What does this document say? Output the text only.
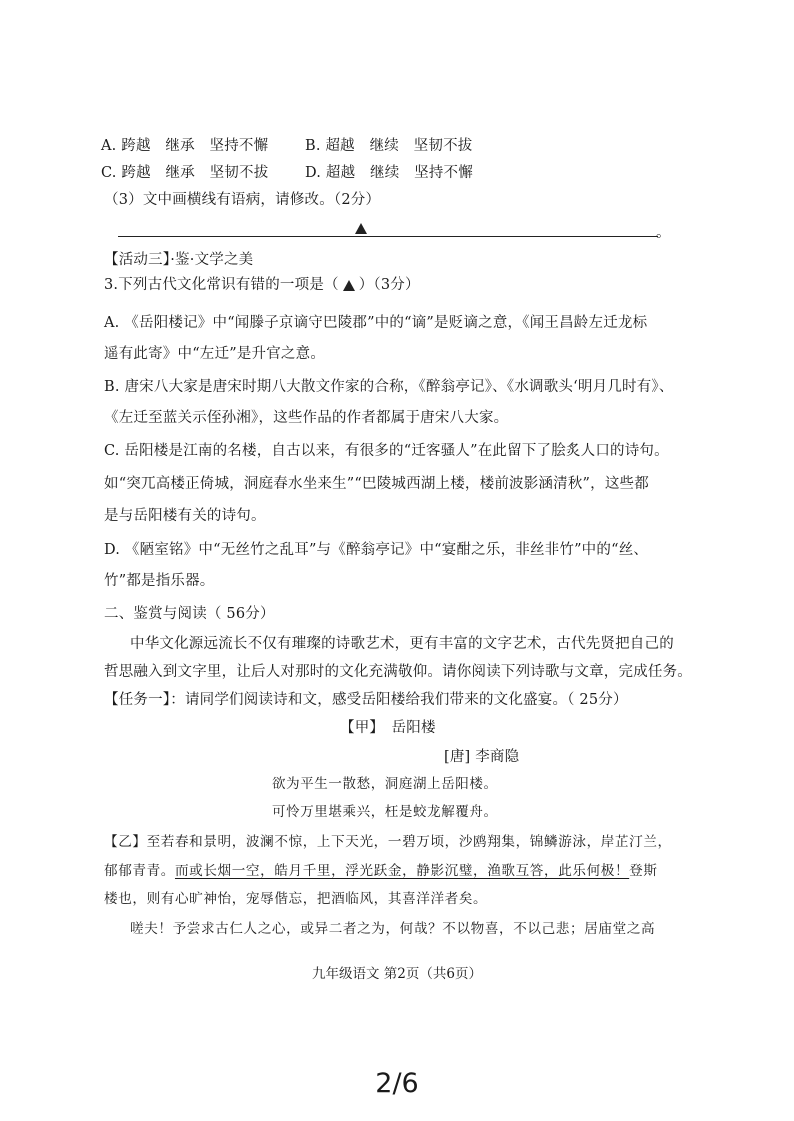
A. 跨越　继承　坚持不懈	B. 超越　继续　坚韧不拔
C. 跨越　继承　坚韧不拔	D. 超越　继续　坚持不懈
（3）文中画横线有语病，请修改。（2分）
。
【活动三】·鉴·文学之美
3.下列古代文化常识有错的一项是（ ）（3分）
A. 《岳阳楼记》中“闻滕子京谪守巴陵郡”中的“谪”是贬谪之意，《闻王昌龄左迁龙标
遥有此寄》中“左迁”是升官之意。
B. 唐宋八大家是唐宋时期八大散文作家的合称，《醉翁亭记》、《水调歌头‘明月几时有》、
《左迁至蓝关示侄孙湘》，这些作品的作者都属于唐宋八大家。
C. 岳阳楼是江南的名楼，自古以来，有很多的“迁客骚人”在此留下了脍炙人口的诗句。
如“突兀高楼正倚城，洞庭春水坐来生”“巴陵城西湖上楼，楼前波影涵清秋”，这些都
是与岳阳楼有关的诗句。
D. 《陋室铭》中“无丝竹之乱耳”与《醉翁亭记》中“宴酣之乐，非丝非竹”中的“丝、
竹”都是指乐器。
二、鉴赏与阅读（ 56分）
中华文化源远流长不仅有璀璨的诗歌艺术，更有丰富的文字艺术，古代先贤把自己的
哲思融入到文字里，让后人对那时的文化充满敬仰。请你阅读下列诗歌与文章，完成任务。
【任务一】：请同学们阅读诗和文，感受岳阳楼给我们带来的文化盛宴。（ 25分）
【甲】　岳阳楼
[唐] 李商隐
欲为平生一散愁，洞庭湖上岳阳楼。
可怜万里堪乘兴，枉是蛟龙解覆舟。
【乙】至若春和景明，波澜不惊，上下天光，一碧万顷，沙鸥翔集，锦鳞游泳，岸芷汀兰，
郁郁青青。而或长烟一空，皓月千里，浮光跃金，静影沉璧，渔歌互答，此乐何极！登斯
楼也，则有心旷神怡，宠辱偕忘，把酒临风，其喜洋洋者矣。
嗟夫！予尝求古仁人之心，或异二者之为，何哉？不以物喜，不以己悲；居庙堂之高
九年级语文 第2页（共6页）
2/6
